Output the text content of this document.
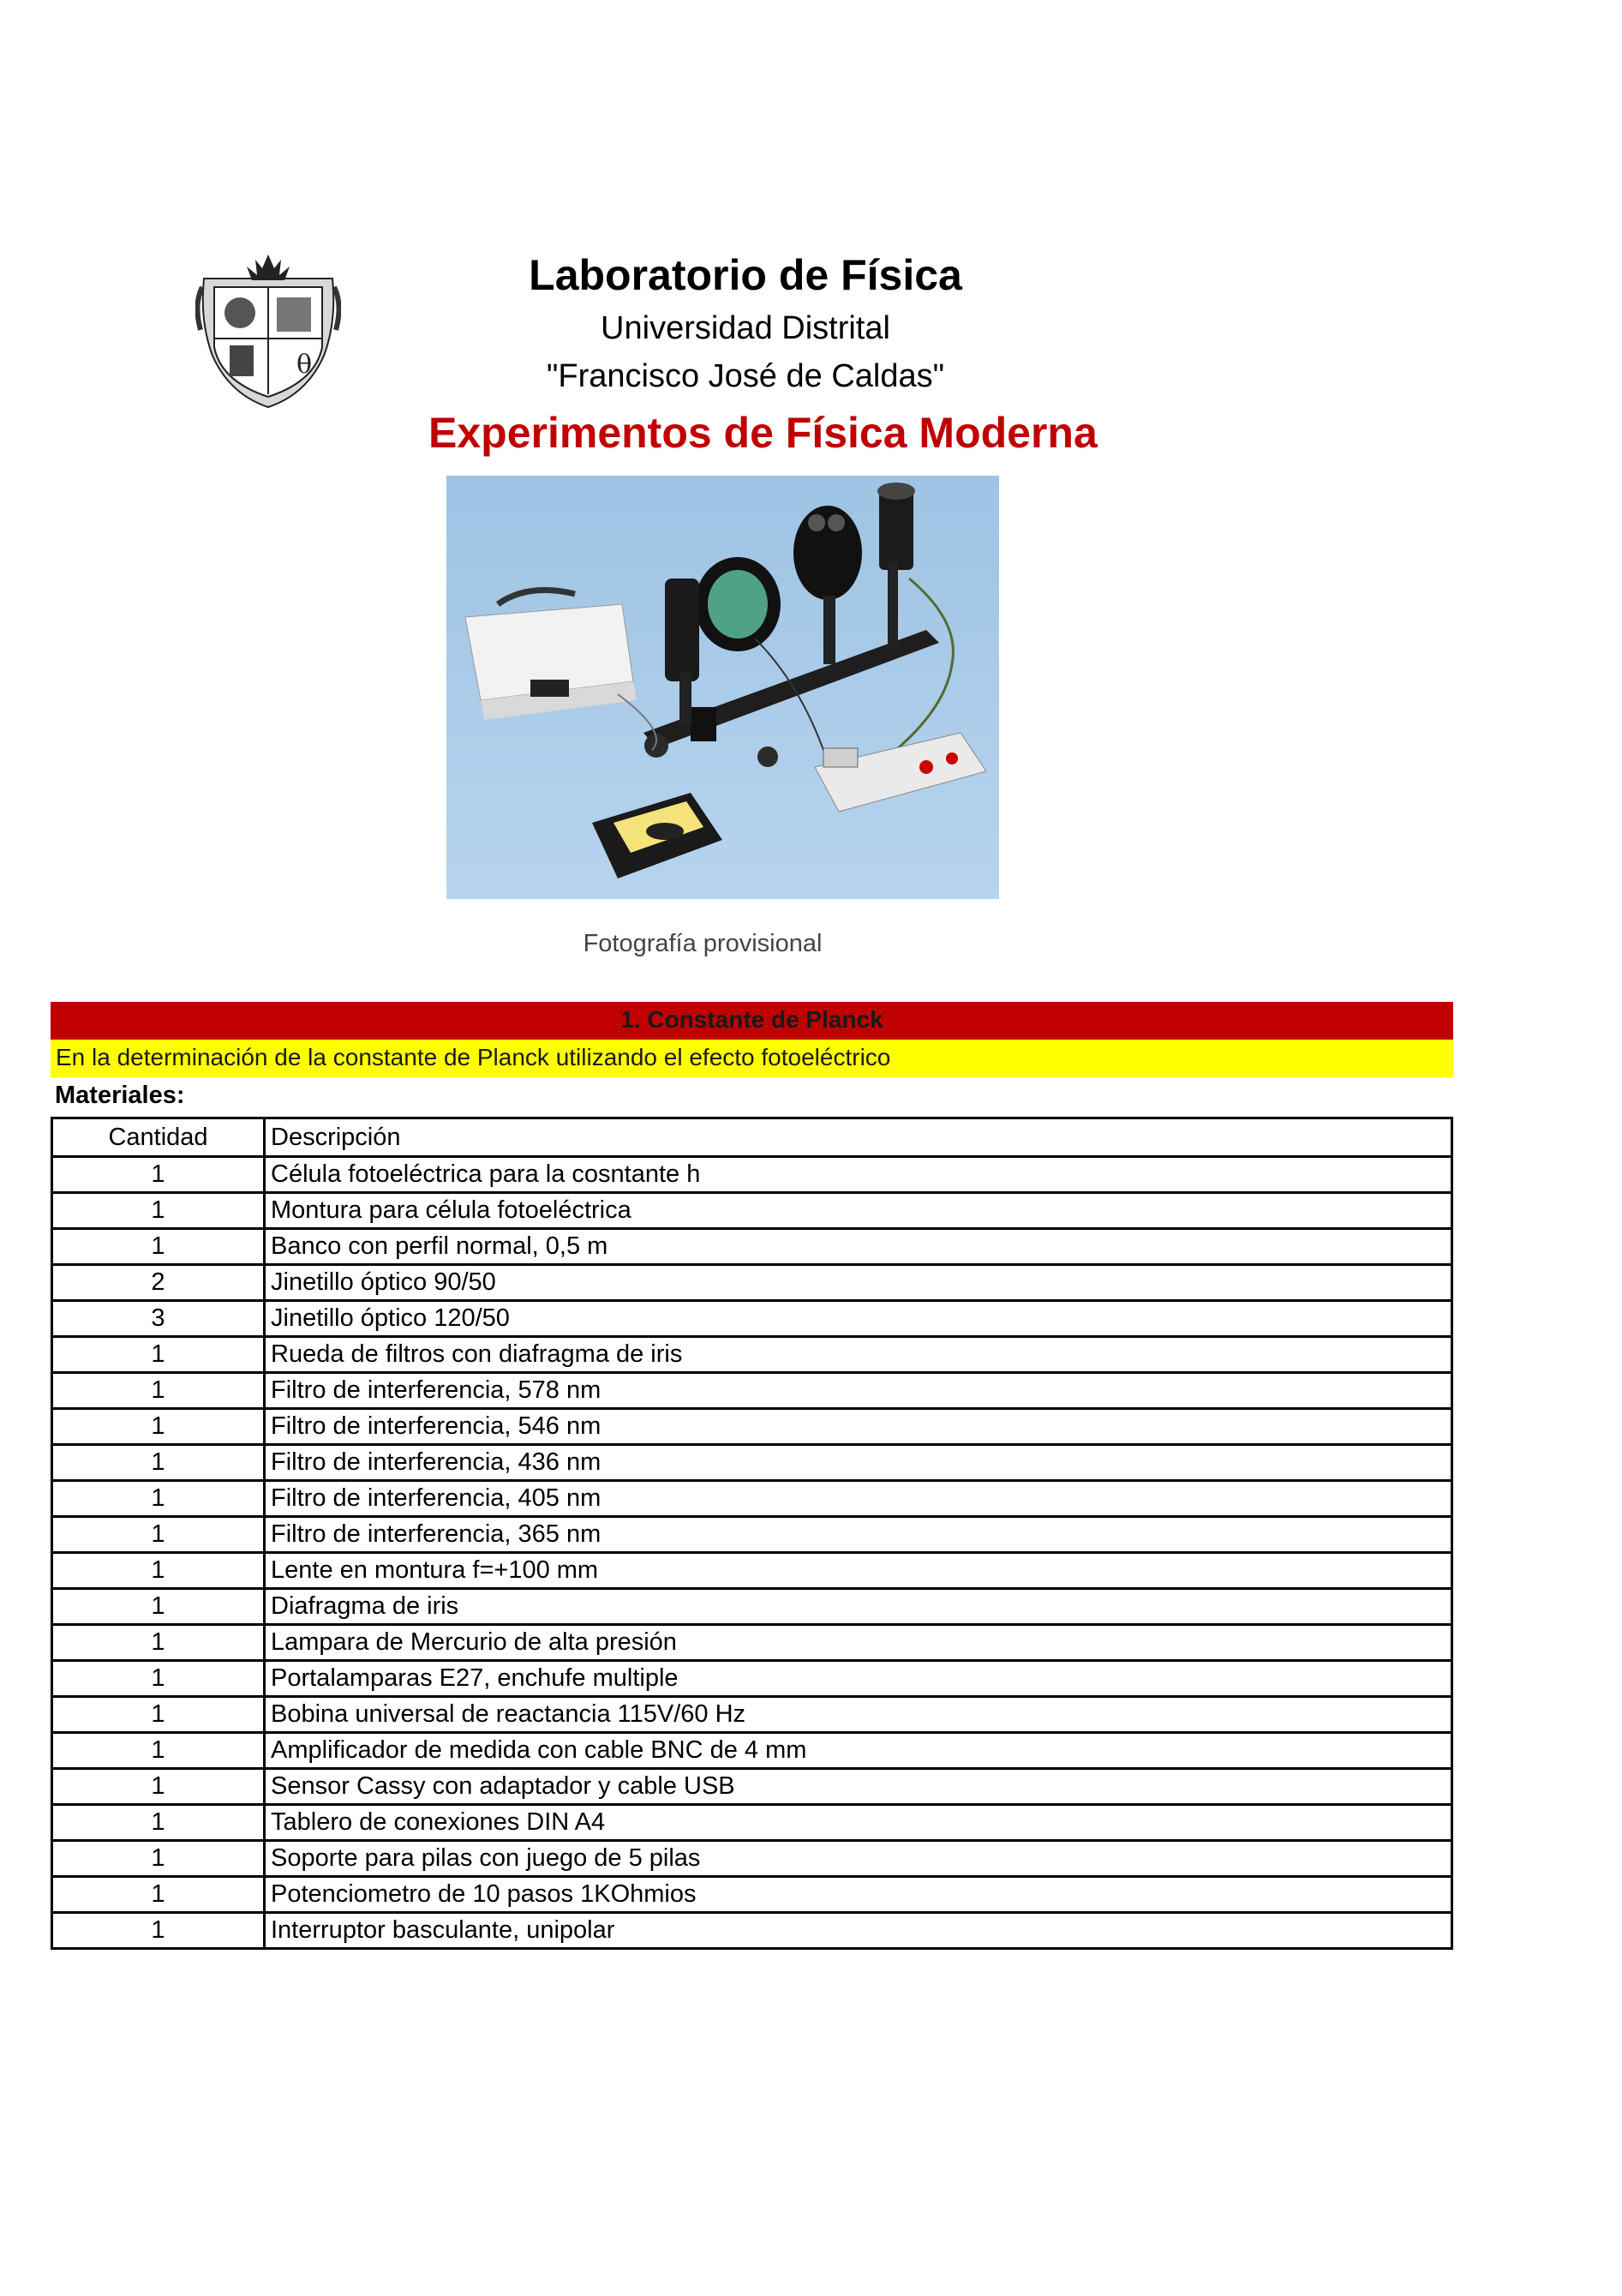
θ
Laboratorio de Física
Universidad Distrital
"Francisco José de Caldas"
Experimentos de Física Moderna
Fotografía provisional
1. Constante de Planck
En la determinación de la constante de Planck utilizando el efecto fotoeléctrico
Materiales:
Cantidad	Descripción
1	Célula fotoeléctrica para la cosntante h
1	Montura para célula fotoeléctrica
1	Banco con perfil normal, 0,5 m
2	Jinetillo óptico 90/50
3	Jinetillo óptico 120/50
1	Rueda de filtros con diafragma de iris
1	Filtro de interferencia, 578 nm
1	Filtro de interferencia, 546 nm
1	Filtro de interferencia, 436 nm
1	Filtro de interferencia, 405 nm
1	Filtro de interferencia, 365 nm
1	Lente en montura f=+100 mm
1	Diafragma de iris
1	Lampara de Mercurio de alta presión
1	Portalamparas E27, enchufe multiple
1	Bobina universal de reactancia 115V/60 Hz
1	Amplificador de medida con cable BNC de 4 mm
1	Sensor Cassy con adaptador y cable USB
1	Tablero de conexiones DIN A4
1	Soporte para pilas con juego de 5 pilas
1	Potenciometro de 10 pasos 1KOhmios
1	Interruptor basculante, unipolar
